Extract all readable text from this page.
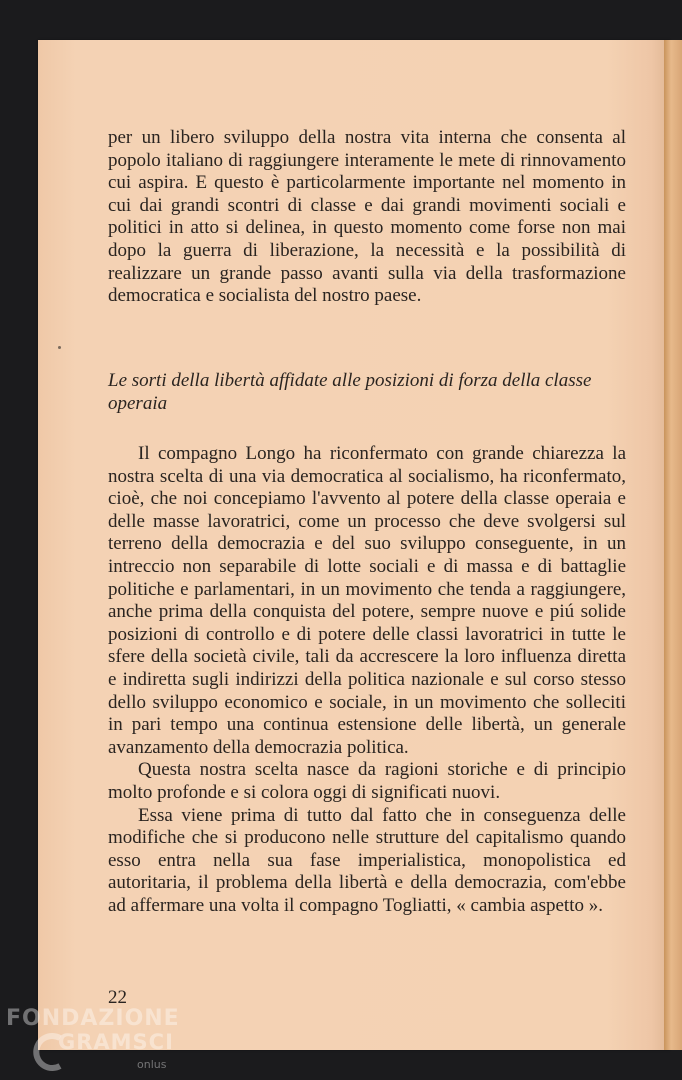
per un libero sviluppo della nostra vita interna che consenta al popolo italiano di raggiungere interamente le mete di rinnovamento cui aspira. E questo è particolarmente importante nel momento in cui dai grandi scontri di classe e dai grandi movimenti sociali e politici in atto si delinea, in questo momento come forse non mai dopo la guerra di liberazione, la necessità e la possibilità di realizzare un grande passo avanti sulla via della trasformazione democratica e socialista del nostro paese.

Le sorti della libertà affidate alle posizioni di forza della classe operaia

Il compagno Longo ha riconfermato con grande chiarezza la nostra scelta di una via democratica al socialismo, ha riconfermato, cioè, che noi concepiamo l'avvento al potere della classe operaia e delle masse lavoratrici, come un processo che deve svolgersi sul terreno della democrazia e del suo sviluppo conseguente, in un intreccio non separabile di lotte sociali e di massa e di battaglie politiche e parlamentari, in un movimento che tenda a raggiungere, anche prima della conquista del potere, sempre nuove e piú solide posizioni di controllo e di potere delle classi lavoratrici in tutte le sfere della società civile, tali da accrescere la loro influenza diretta e indiretta sugli indirizzi della politica nazionale e sul corso stesso dello sviluppo economico e sociale, in un movimento che solleciti in pari tempo una continua estensione delle libertà, un generale avanzamento della democrazia politica.

Questa nostra scelta nasce da ragioni storiche e di principio molto profonde e si colora oggi di significati nuovi.

Essa viene prima di tutto dal fatto che in conseguenza delle modifiche che si producono nelle strutture del capitalismo quando esso entra nella sua fase imperialistica, monopolistica ed autoritaria, il problema della libertà e della democrazia, com'ebbe ad affermare una volta il compagno Togliatti, « cambia aspetto ».

22
FONDAZIONE
GRAMSCI
onlus
